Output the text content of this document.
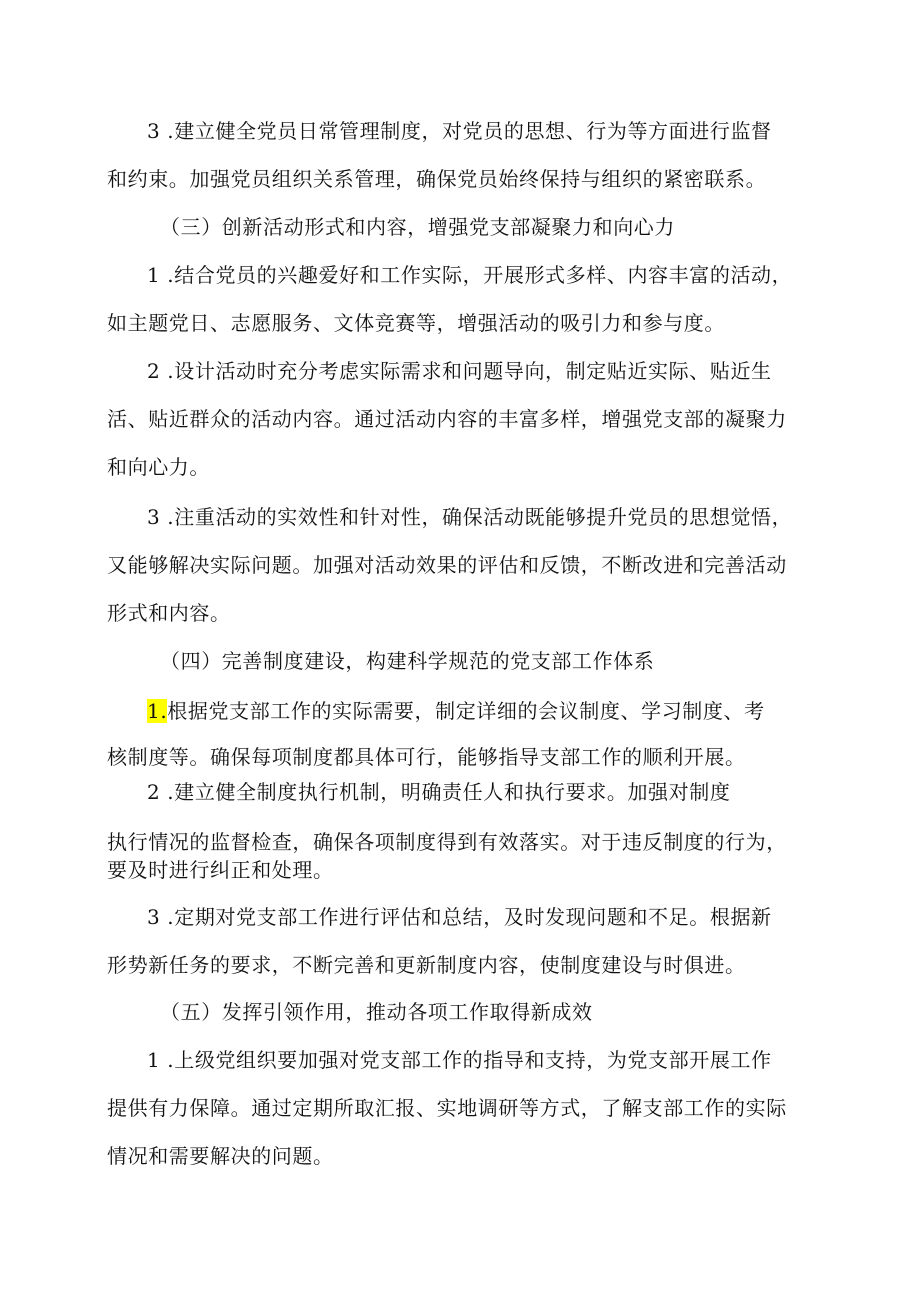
3 .建立健全党员日常管理制度，对党员的思想、行为等方面进行监督
和约束。加强党员组织关系管理，确保党员始终保持与组织的紧密联系。
（三）创新活动形式和内容，增强党支部凝聚力和向心力
1 .结合党员的兴趣爱好和工作实际，开展形式多样、内容丰富的活动，
如主题党日、志愿服务、文体竞赛等，增强活动的吸引力和参与度。
2 .设计活动时充分考虑实际需求和问题导向，制定贴近实际、贴近生
活、贴近群众的活动内容。通过活动内容的丰富多样，增强党支部的凝聚力
和向心力。
3 .注重活动的实效性和针对性，确保活动既能够提升党员的思想觉悟，
又能够解决实际问题。加强对活动效果的评估和反馈，不断改进和完善活动
形式和内容。
（四）完善制度建设，构建科学规范的党支部工作体系
1.根据党支部工作的实际需要，制定详细的会议制度、学习制度、考
核制度等。确保每项制度都具体可行，能够指导支部工作的顺利开展。
2 .建立健全制度执行机制，明确责任人和执行要求。加强对制度
执行情况的监督检查，确保各项制度得到有效落实。对于违反制度的行为，
要及时进行纠正和处理。
3 .定期对党支部工作进行评估和总结，及时发现问题和不足。根据新
形势新任务的要求，不断完善和更新制度内容，使制度建设与时俱进。
（五）发挥引领作用，推动各项工作取得新成效
1 .上级党组织要加强对党支部工作的指导和支持，为党支部开展工作
提供有力保障。通过定期所取汇报、实地调研等方式，了解支部工作的实际
情况和需要解决的问题。
